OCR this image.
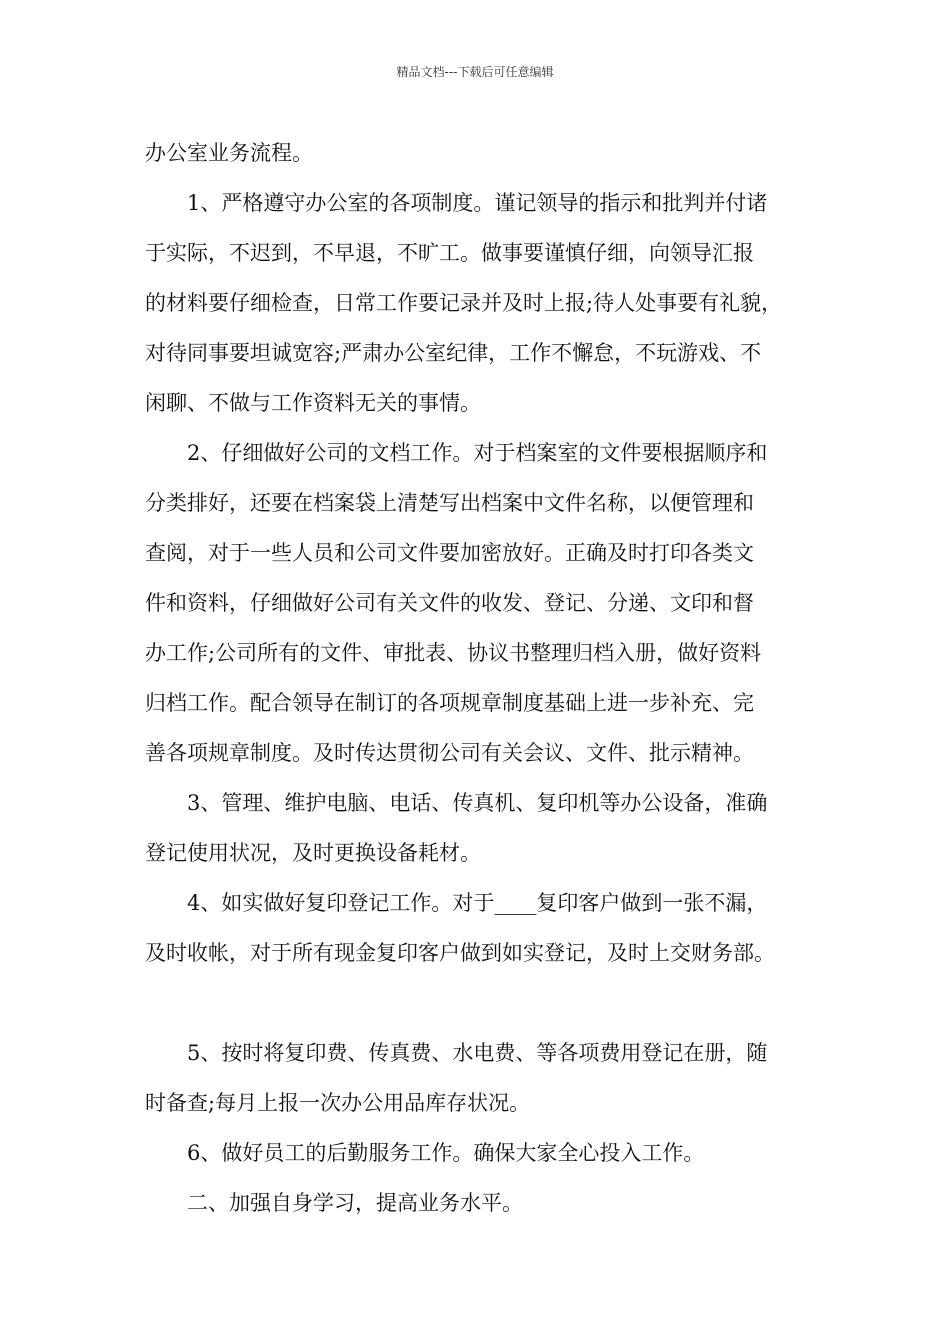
精品文档---下载后可任意编辑
办公室业务流程。
1、严格遵守办公室的各项制度。谨记领导的指示和批判并付诸
于实际，不迟到，不早退，不旷工。做事要谨慎仔细，向领导汇报
的材料要仔细检查，日常工作要记录并及时上报;待人处事要有礼貌，
对待同事要坦诚宽容;严肃办公室纪律，工作不懈怠，不玩游戏、不
闲聊、不做与工作资料无关的事情。
2、仔细做好公司的文档工作。对于档案室的文件要根据顺序和
分类排好，还要在档案袋上清楚写出档案中文件名称，以便管理和
查阅，对于一些人员和公司文件要加密放好。正确及时打印各类文
件和资料，仔细做好公司有关文件的收发、登记、分递、文印和督
办工作;公司所有的文件、审批表、协议书整理归档入册，做好资料
归档工作。配合领导在制订的各项规章制度基础上进一步补充、完
善各项规章制度。及时传达贯彻公司有关会议、文件、批示精神。
3、管理、维护电脑、电话、传真机、复印机等办公设备，准确
登记使用状况，及时更换设备耗材。
4、如实做好复印登记工作。对于____复印客户做到一张不漏，
及时收帐，对于所有现金复印客户做到如实登记，及时上交财务部。
5、按时将复印费、传真费、水电费、等各项费用登记在册，随
时备查;每月上报一次办公用品库存状况。
6、做好员工的后勤服务工作。确保大家全心投入工作。
二、加强自身学习，提高业务水平。
